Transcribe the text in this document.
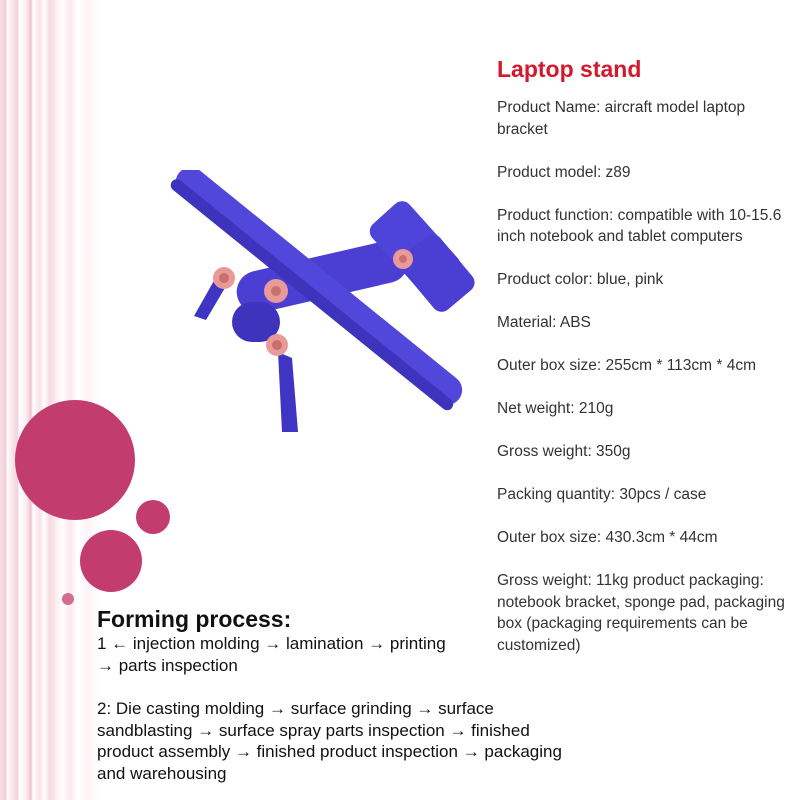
Laptop stand

Product Name: aircraft model laptop bracket

Product model: z89

Product function: compatible with 10-15.6 inch notebook and tablet computers

Product color: blue, pink

Material: ABS

Outer box size: 255cm * 113cm * 4cm

Net weight: 210g

Gross weight: 350g

Packing quantity: 30pcs / case

Outer box size: 430.3cm * 44cm

Gross weight: 11kg product packaging: notebook bracket, sponge pad, packaging box (packaging requirements can be customized)

Forming process:

1 ← injection molding → lamination → printing → parts inspection

2: Die casting molding → surface grinding → surface sandblasting → surface spray parts inspection → finished product assembly → finished product inspection → packaging and warehousing
